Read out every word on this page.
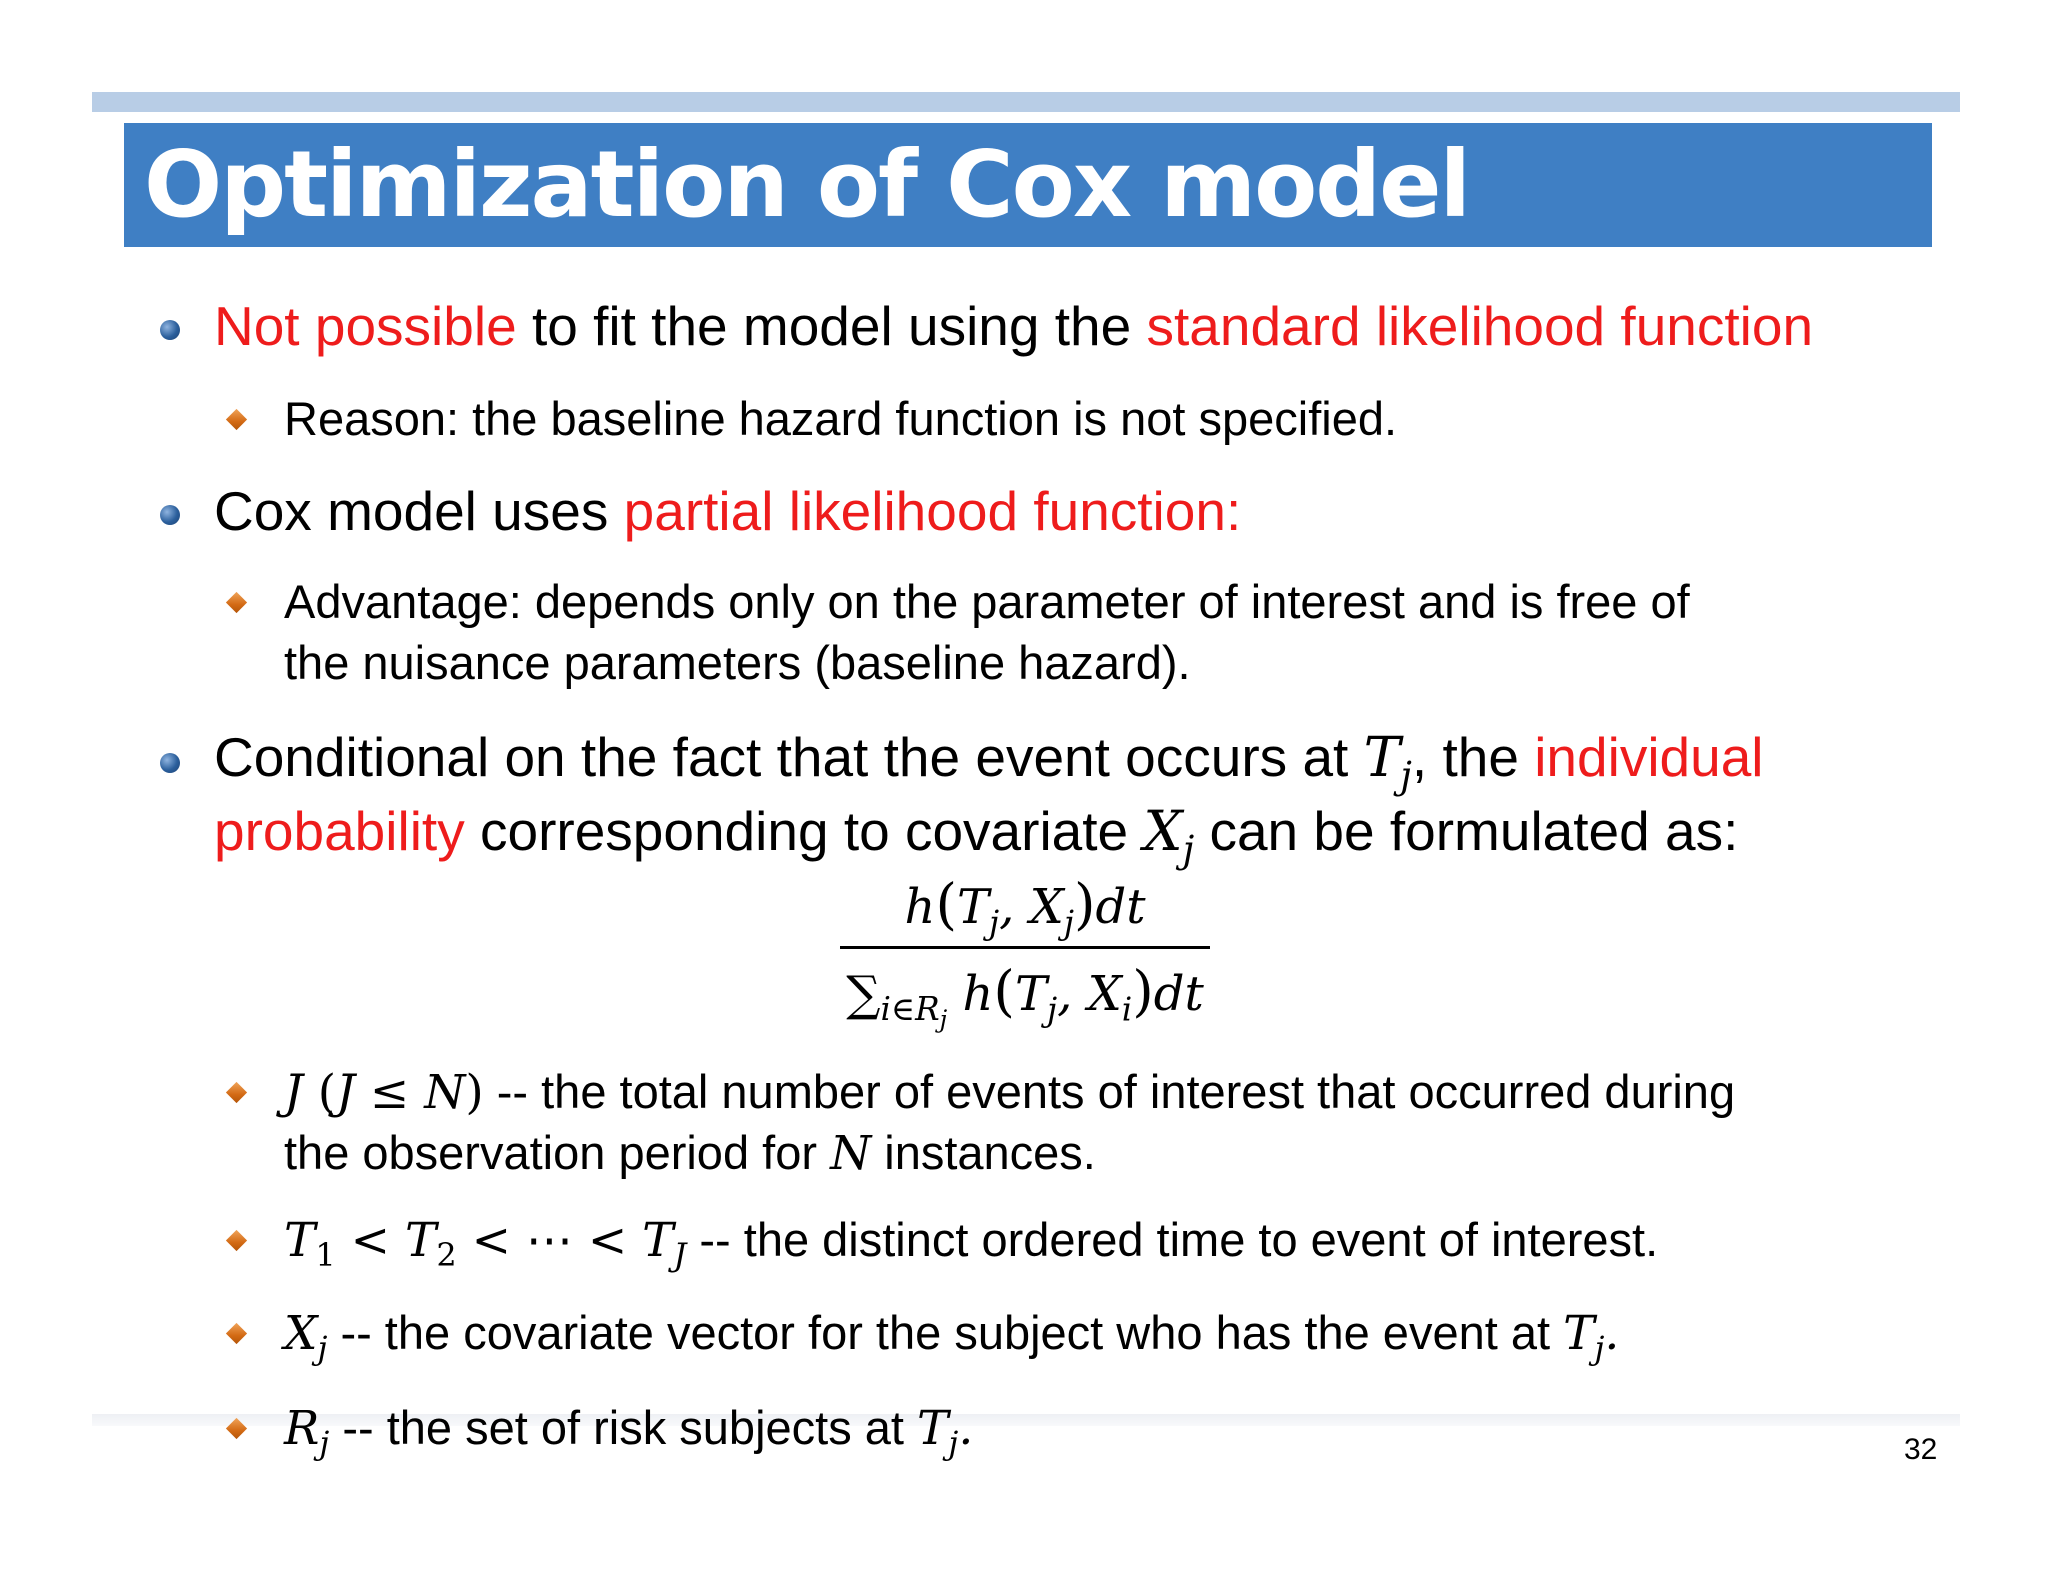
Optimization of Cox model
Not possible to fit the model using the standard likelihood function
Reason: the baseline hazard function is not specified.
Cox model uses partial likelihood function:
Advantage: depends only on the parameter of interest and is free of
the nuisance parameters (baseline hazard).
Conditional on the fact that the event occurs at $T_j$, the individual
probability corresponding to covariate $X_j$ can be formulated as:
$h(T_j$, $X_j)dt$
$\sum_{i\in R_j}$ $h(T_j$, $X_i)dt$
J (J ≤ N) -- the total number of events of interest that occurred during
the observation period for N instances.
$T_1 < T_2$ < ⋯ < $T_J$ -- the distinct ordered time to event of interest.
$X_j$ -- the covariate vector for the subject who has the event at $T_j$.
$R_j$ -- the set of risk subjects at $T_j$.	32
